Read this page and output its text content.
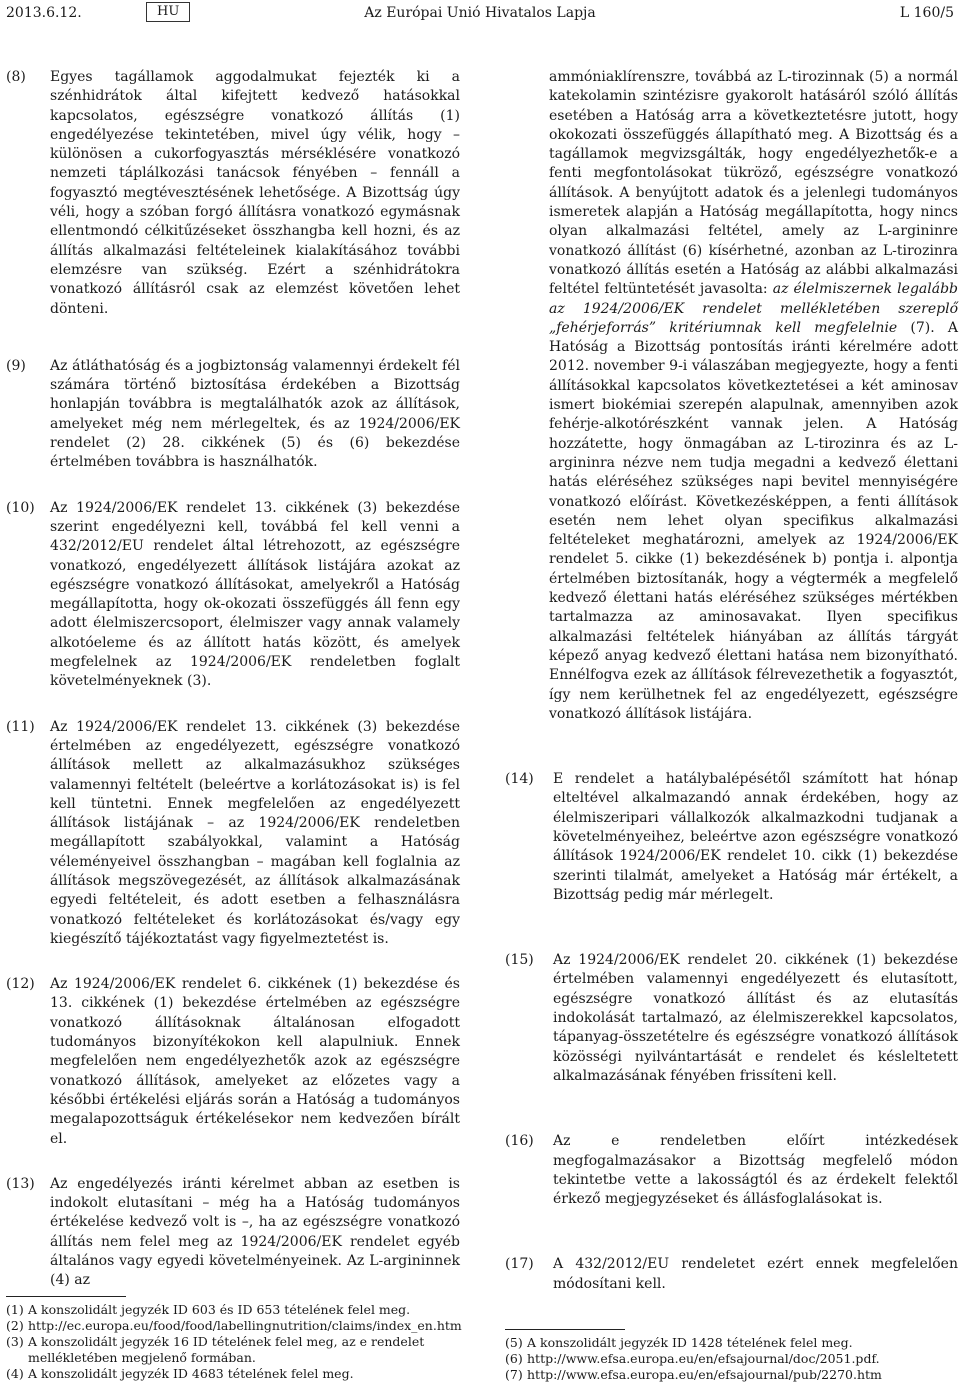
2013.6.12.	HU	Az Európai Unió Hivatalos Lapja	L 160/5
(8)	Egyes tagállamok aggodalmukat fejezték ki a szénhidrátok által kifejtett kedvező hatásokkal kapcsolatos, egészségre vonatkozó állítás (1) engedélyezése tekintetében, mivel úgy vélik, hogy – különösen a cukorfogyasztás mérséklésére vonatkozó nemzeti táplálkozási tanácsok fényében – fennáll a fogyasztó megtévesztésének lehetősége. A Bizottság úgy véli, hogy a szóban forgó állításra vonatkozó egymásnak ellentmondó célkitűzéseket összhangba kell hozni, és az állítás alkalmazási feltételeinek kialakításához további elemzésre van szükség. Ezért a szénhidrátokra vonatkozó állításról csak az elemzést követően lehet dönteni.
(9)	Az átláthatóság és a jogbiztonság valamennyi érdekelt fél számára történő biztosítása érdekében a Bizottság honlapján továbbra is megtalálhatók azok az állítások, amelyeket még nem mérlegeltek, és az 1924/2006/EK rendelet (2) 28. cikkének (5) és (6) bekezdése értelmében továbbra is használhatók.
(10)	Az 1924/2006/EK rendelet 13. cikkének (3) bekezdése szerint engedélyezni kell, továbbá fel kell venni a 432/2012/EU rendelet által létrehozott, az egészségre vonatkozó, engedélyezett állítások listájára azokat az egészségre vonatkozó állításokat, amelyekről a Hatóság megállapította, hogy ok-okozati összefüggés áll fenn egy adott élelmiszercsoport, élelmiszer vagy annak valamely alkotóeleme és az állított hatás között, és amelyek megfelelnek az 1924/2006/EK rendeletben foglalt követelményeknek (3).
(11)	Az 1924/2006/EK rendelet 13. cikkének (3) bekezdése értelmében az engedélyezett, egészségre vonatkozó állítások mellett az alkalmazásukhoz szükséges valamennyi feltételt (beleértve a korlátozásokat is) is fel kell tüntetni. Ennek megfelelően az engedélyezett állítások listájának – az 1924/2006/EK rendeletben megállapított szabályokkal, valamint a Hatóság véleményeivel összhangban – magában kell foglalnia az állítások megszövegezését, az állítások alkalmazásának egyedi feltételeit, és adott esetben a felhasználásra vonatkozó feltételeket és korlátozásokat és/vagy egy kiegészítő tájékoztatást vagy figyelmeztetést is.
(12)	Az 1924/2006/EK rendelet 6. cikkének (1) bekezdése és 13. cikkének (1) bekezdése értelmében az egészségre vonatkozó állításoknak általánosan elfogadott tudományos bizonyítékokon kell alapulniuk. Ennek megfelelően nem engedélyezhetők azok az egészségre vonatkozó állítások, amelyeket az előzetes vagy a későbbi értékelési eljárás során a Hatóság a tudományos megalapozottságuk értékelésekor nem kedvezően bírált el.
(13)	Az engedélyezés iránti kérelmet abban az esetben is indokolt elutasítani – még ha a Hatóság tudományos értékelése kedvező volt is –, ha az egészségre vonatkozó állítás nem felel meg az 1924/2006/EK rendelet egyéb általános vagy egyedi követelményeinek. Az L-argininnek (4) az
ammóniaklírenszre, továbbá az L-tirozinnak (5) a normál katekolamin szintézisre gyakorolt hatásáról szóló állítás esetében a Hatóság arra a következtetésre jutott, hogy okokozati összefüggés állapítható meg. A Bizottság és a tagállamok megvizsgálták, hogy engedélyezhetők-e a fenti megfontolásokat tükröző, egészségre vonatkozó állítások. A benyújtott adatok és a jelenlegi tudományos ismeretek alapján a Hatóság megállapította, hogy nincs olyan alkalmazási feltétel, amely az L-argininre vonatkozó állítást (6) kísérhetné, azonban az L-tirozinra vonatkozó állítás esetén a Hatóság az alábbi alkalmazási feltétel feltüntetését javasolta: az élelmiszernek legalább az 1924/2006/EK rendelet mellékletében szereplő „fehérjeforrás” kritériumnak kell megfelelnie (7). A Hatóság a Bizottság pontosítás iránti kérelmére adott 2012. november 9-i válaszában megjegyezte, hogy a fenti állításokkal kapcsolatos következtetései a két aminosav ismert biokémiai szerepén alapulnak, amennyiben azok fehérje-alkotórészként vannak jelen. A Hatóság hozzátette, hogy önmagában az L-tirozinra és az L-argininra nézve nem tudja megadni a kedvező élettani hatás eléréséhez szükséges napi bevitel mennyiségére vonatkozó előírást. Következésképpen, a fenti állítások esetén nem lehet olyan specifikus alkalmazási feltételeket meghatározni, amelyek az 1924/2006/EK rendelet 5. cikke (1) bekezdésének b) pontja i. alpontja értelmében biztosítanák, hogy a végtermék a megfelelő kedvező élettani hatás eléréséhez szükséges mértékben tartalmazza az aminosavakat. Ilyen specifikus alkalmazási feltételek hiányában az állítás tárgyát képező anyag kedvező élettani hatása nem bizonyítható. Ennélfogva ezek az állítások félrevezethetik a fogyasztót, így nem kerülhetnek fel az engedélyezett, egészségre vonatkozó állítások listájára.
(14)	E rendelet a hatálybalépésétől számított hat hónap elteltével alkalmazandó annak érdekében, hogy az élelmiszeripari vállalkozók alkalmazkodni tudjanak a követelményeihez, beleértve azon egészségre vonatkozó állítások 1924/2006/EK rendelet 10. cikk (1) bekezdése szerinti tilalmát, amelyeket a Hatóság már értékelt, a Bizottság pedig már mérlegelt.
(15)	Az 1924/2006/EK rendelet 20. cikkének (1) bekezdése értelmében valamennyi engedélyezett és elutasított, egészségre vonatkozó állítást és az elutasítás indokolását tartalmazó, az élelmiszerekkel kapcsolatos, tápanyag-összetételre és egészségre vonatkozó állítások közösségi nyilvántartását e rendelet és késleltetett alkalmazásának fényében frissíteni kell.
(16)	Az e rendeletben előírt intézkedések megfogalmazásakor a Bizottság megfelelő módon tekintetbe vette a lakosságtól és az érdekelt felektől érkező megjegyzéseket és állásfoglalásokat is.
(17)	A 432/2012/EU rendeletet ezért ennek megfelelően módosítani kell.
(1) A konszolidált jegyzék ID 603 és ID 653 tételének felel meg.
(2) http://ec.europa.eu/food/food/labellingnutrition/claims/index_en.htm
(3) A konszolidált jegyzék 16 ID tételének felel meg, az e rendelet mellékletében megjelenő formában.
(4) A konszolidált jegyzék ID 4683 tételének felel meg.
(5) A konszolidált jegyzék ID 1428 tételének felel meg.
(6) http://www.efsa.europa.eu/en/efsajournal/doc/2051.pdf.
(7) http://www.efsa.europa.eu/en/efsajournal/pub/2270.htm
